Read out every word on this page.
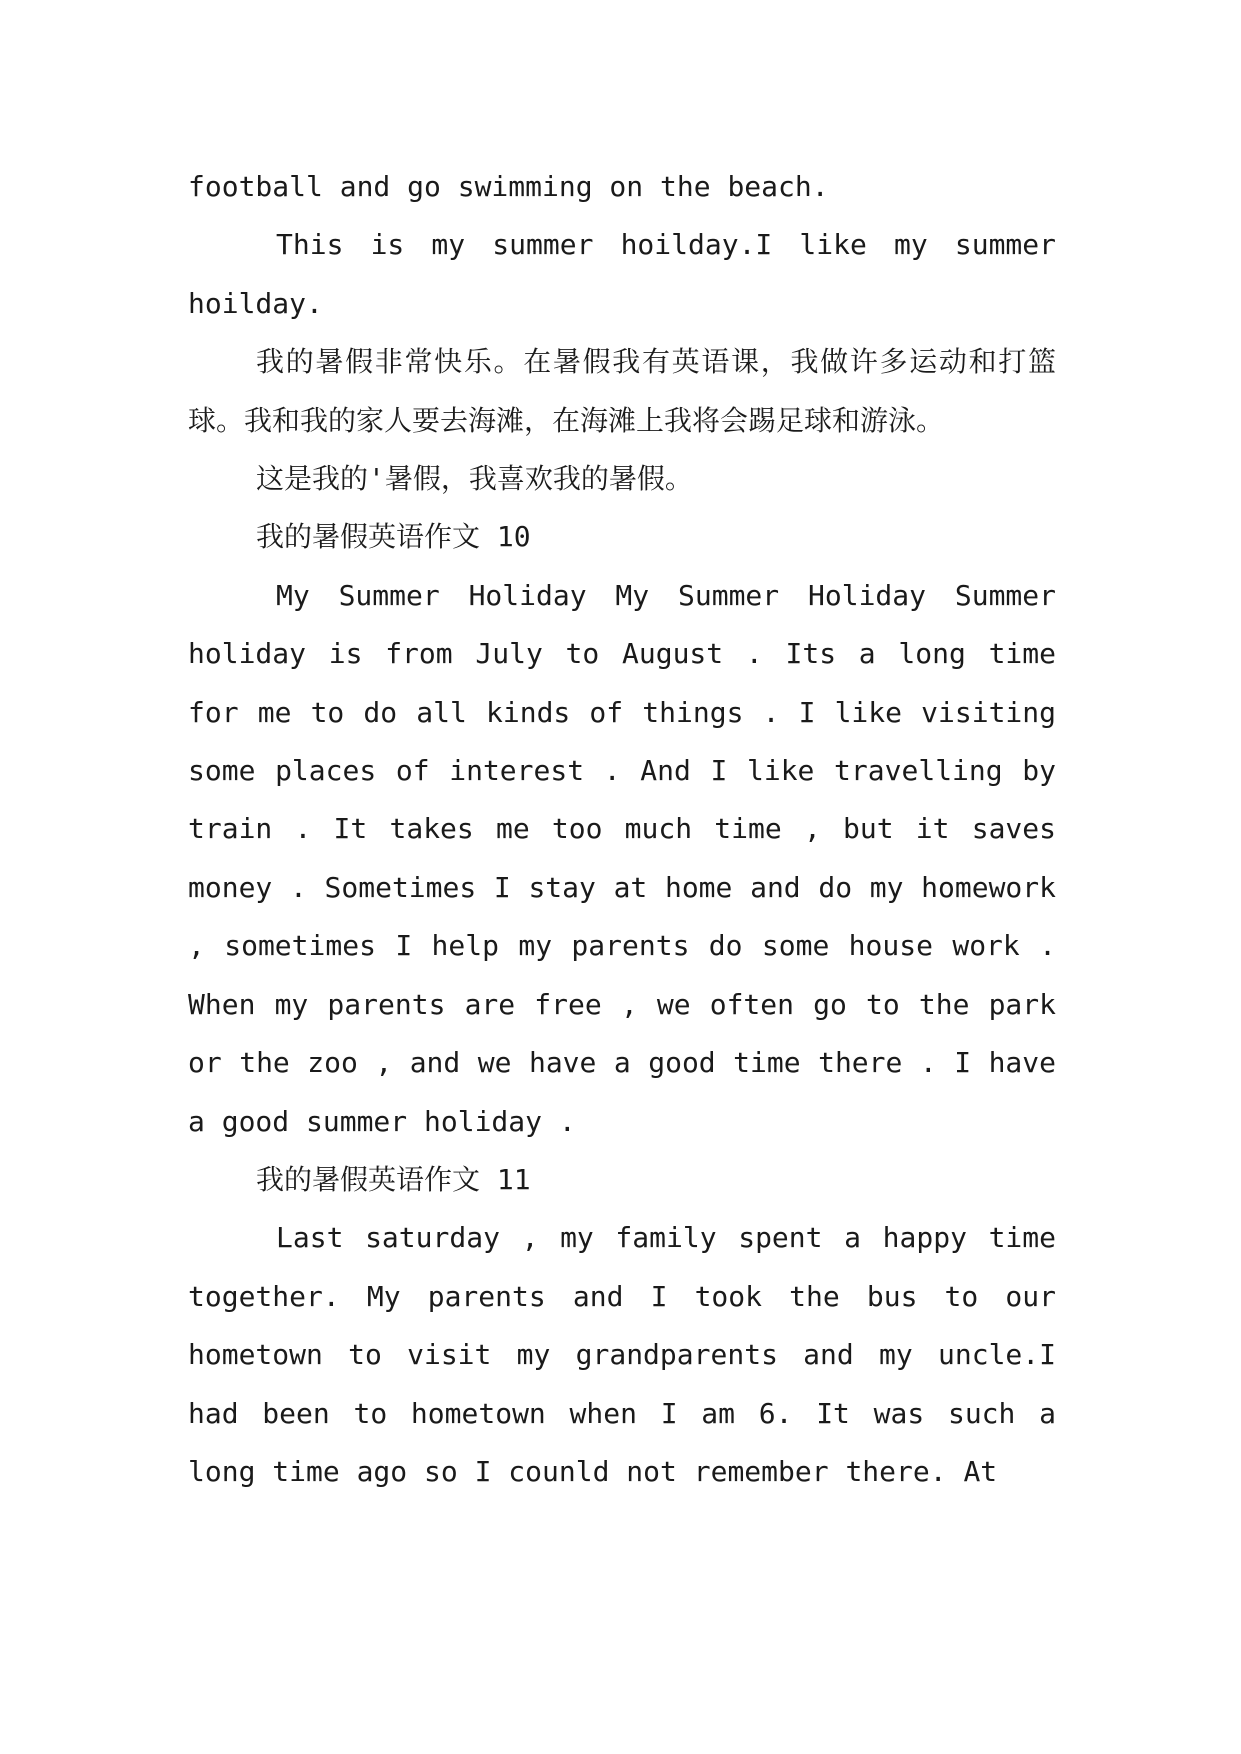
football and go swimming on the beach.

This is my summer hoilday.I like my summer hoilday.

我的暑假非常快乐。在暑假我有英语课，我做许多运动和打篮球。我和我的家人要去海滩，在海滩上我将会踢足球和游泳。

这是我的'暑假，我喜欢我的暑假。

我的暑假英语作文 10

My Summer Holiday My Summer Holiday Summer holiday is from July to August . Its a long time for me to do all kinds of things . I like visiting some places of interest . And I like travelling by train . It takes me too much time , but it saves money . Sometimes I stay at home and do my homework , sometimes I help my parents do some house work . When my parents are free , we often go to the park or the zoo , and we have a good time there . I have a good summer holiday .

我的暑假英语作文 11

Last saturday , my family spent a happy time together. My parents and I took the bus to our hometown to visit my grandparents and my uncle.I had been to hometown when I am 6. It was such a long time ago so I counld not remember there. At
